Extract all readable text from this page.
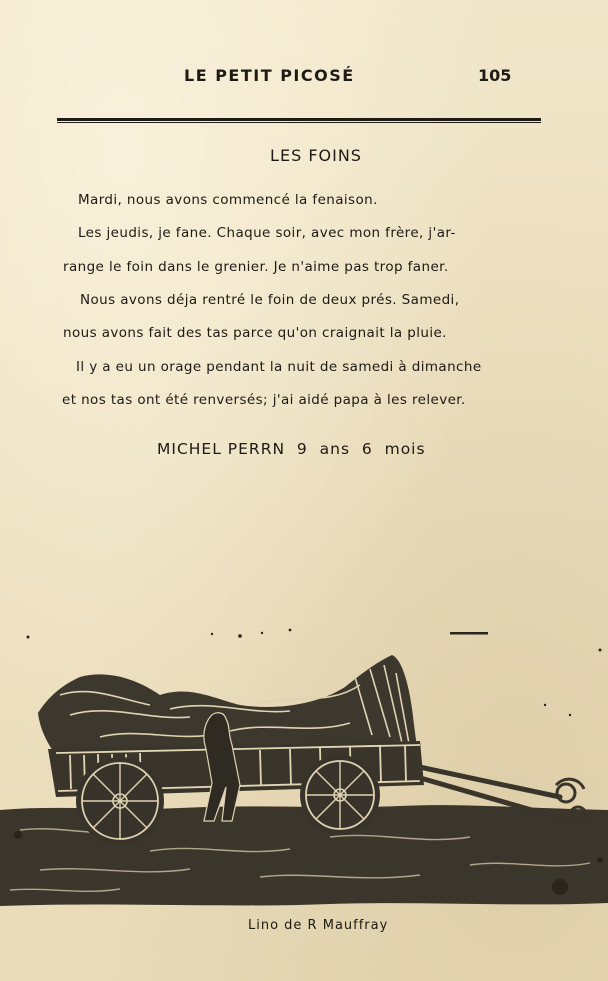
LE PETIT PICOSÉ	105
LES FOINS
Mardi, nous avons commencé la fenaison.
Les jeudis, je fane. Chaque soir, avec mon frère, j'ar-
range le foin dans le grenier. Je n'aime pas trop faner.
Nous avons déja rentré le foin de deux prés. Samedi,
nous avons fait des tas parce qu'on craignait la pluie.
Il y a eu un orage pendant la nuit de samedi à dimanche
et nos tas ont été renversés; j'ai aidé papa à les relever.
MICHEL PERRN  9  ans  6  mois
Lino de R Mauffray
